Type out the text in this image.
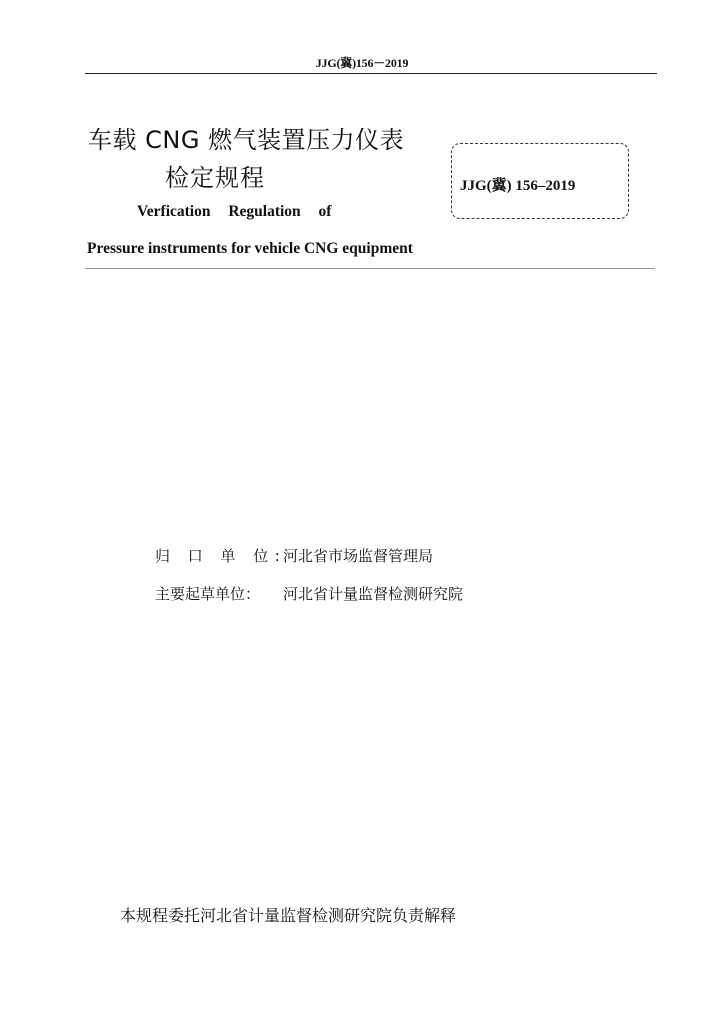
JJG(冀)156－2019
车载 CNG 燃气装置压力仪表
检定规程
Verfication Regulation of
Pressure instruments for vehicle CNG equipment
JJG(冀) 156–2019
归 口 单 位:河北省市场监督管理局
主要起草单位： 河北省计量监督检测研究院
本规程委托河北省计量监督检测研究院负责解释
